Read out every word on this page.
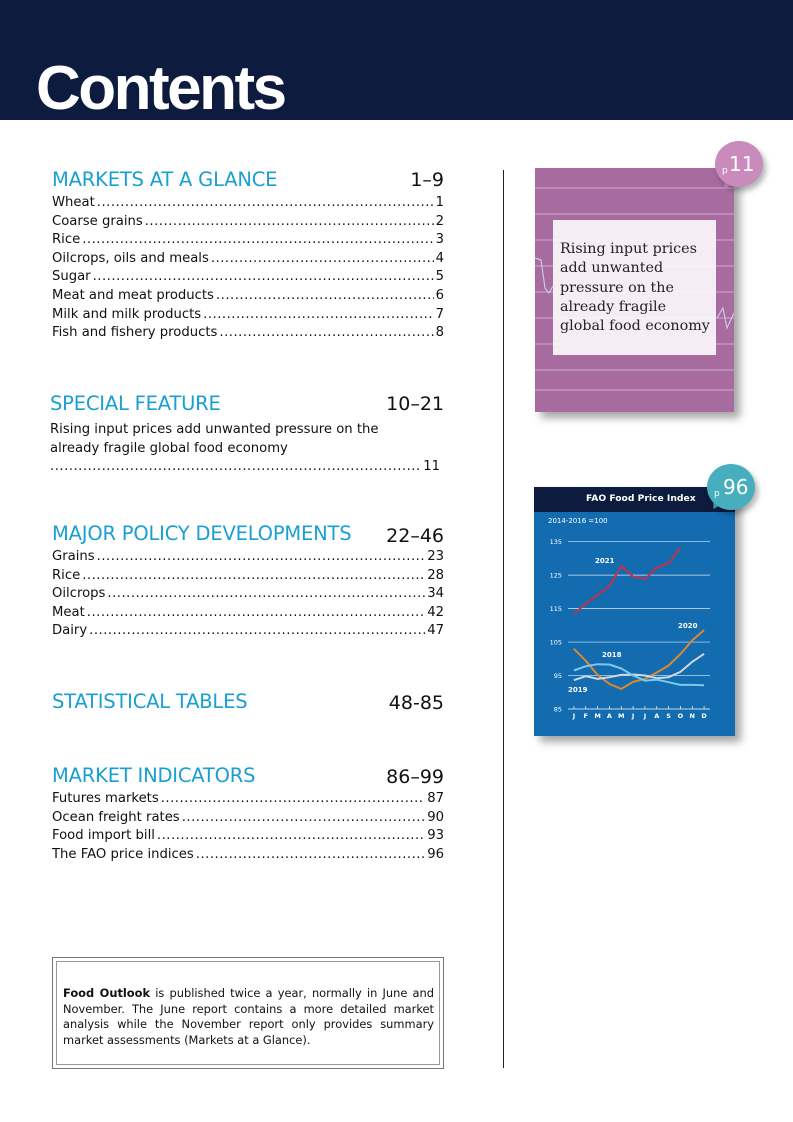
Contents
MARKETS AT A GLANCE	1–9
Wheat .....	1
Coarse grains .....	2
Rice .....	3
Oilcrops, oils and meals .....	4
Sugar .....	5
Meat and meat products .....	6
Milk and milk products .....	7
Fish and fishery products .....	8
SPECIAL FEATURE	10–21
Rising input prices add unwanted pressure on the
already fragile global food economy
.....
11
MAJOR POLICY DEVELOPMENTS 22–46
Grains .....	23
Rice .....	28
Oilcrops .....	34
Meat .....	42
Dairy .....	47
STATISTICAL TABLES	48-85
MARKET INDICATORS	86–99
Futures markets .....	87
Ocean freight rates .....	90
Food import bill .....	93
The FAO price indices .....	96
Food Outlook is published twice a year, normally in June and November. The June report contains a more detailed market analysis while the November report only provides summary market assessments (Markets at a Glance).
Rising input prices add unwanted pressure on the already fragile global food economy
p 11
FAO Food Price Index
2014-2016 =100
85
95
105
115
125
135
J F M A M J J A S O N D
2021
2020
2018
2019
p 96
